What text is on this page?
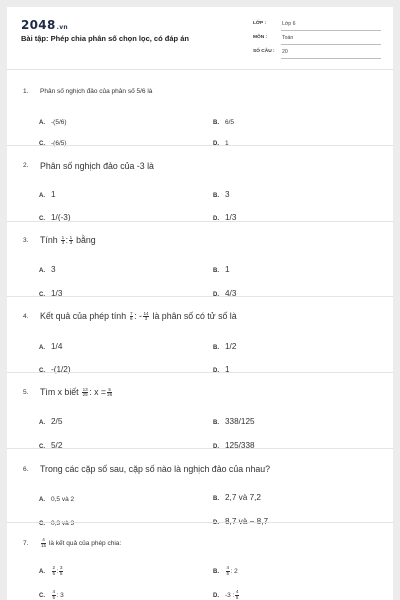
2048.vn
Bài tập: Phép chia phân số chọn lọc, có đáp án
LỚP :	Lớp 6
MÔN :	Toán
SỐ CÂU : 20
1. Phân số nghịch đảo của phân số 5/6 là
A. -(5/6)	B. 6/5
C. -(6/5)	D. 1
2. Phân số nghịch đảo của -3 là
A. 1	B. 3
C. 1/(-3)	D. 1/3
3. Tính $\frac{1}{3}$ : $\frac{1}{3}$ bằng
A. 3	B. 1
C. 1/3	D. 4/3
4. Kết quả của phép tính $\frac{7}{6}$ : - $\frac{14}{3}$ là phân số có tử số là
A. 1/4	B. 1/2
C. -(1/2)	D. 1
5. Tìm x biết $\frac{13}{25}$ : $x = \frac{5}{26}$
A. 2/5	B. 338/125
C. 5/2	D. 125/338
6. Trong các cặp số sau, cặp số nào là nghịch đảo của nhau?
A. 0,5 và 2	B. 2,7 và 7,2
C. 0,3 và 3	D. 8,7 và − 8,7
7.	$\frac{4}{15}$ là kết quả của phép chia:
A. $\frac{2}{5}$ : $\frac{3}{5}$	B. $\frac{4}{5}$ : 2
C. $\frac{4}{5}$ : 3	D. -3 : $\frac{4}{5}$
